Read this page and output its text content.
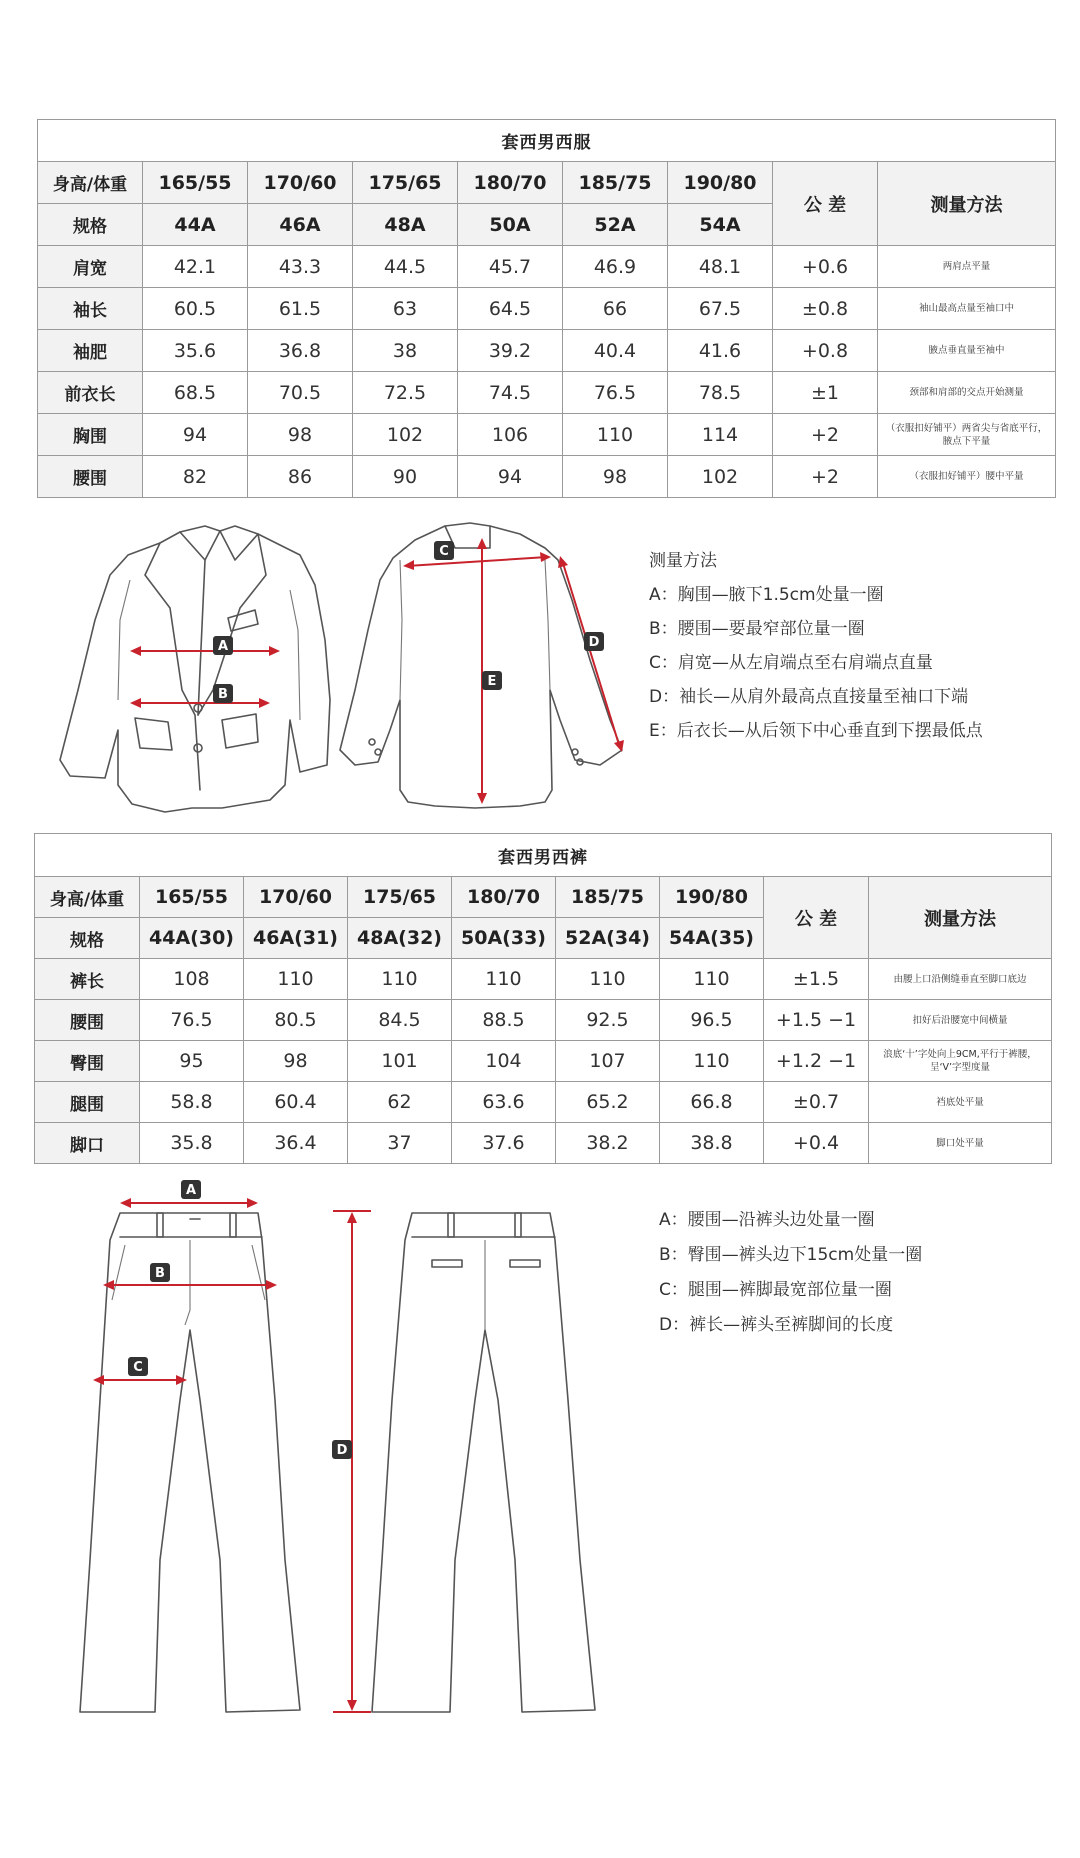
套西男西服								
身高/体重	165/55	170/60	175/65	180/70	185/75	190/80	公 差	测量方法
规格	44A	46A	48A	50A	52A	54A		
肩宽	42.1	43.3	44.5	45.7	46.9	48.1	+0.6	两肩点平量
袖长	60.5	61.5	63	64.5	66	67.5	±0.8	袖山最高点量至袖口中
袖肥	35.6	36.8	38	39.2	40.4	41.6	+0.8	腋点垂直量至袖中
前衣长	68.5	70.5	72.5	74.5	76.5	78.5	±1	颈部和肩部的交点开始测量
胸围	94	98	102	106	110	114	+2	（衣服扣好铺平）两省尖与省底平行，腋点下平量
腰围	82	86	90	94	98	102	+2	（衣服扣好铺平）腰中平量
测量方法
A：胸围—腋下1.5cm处量一圈
B：腰围—要最窄部位量一圈
C：肩宽—从左肩端点至右肩端点直量
D：袖长—从肩外最高点直接量至袖口下端
E：后衣长—从后领下中心垂直到下摆最低点
套西男西裤								
身高/体重	165/55	170/60	175/65	180/70	185/75	190/80	公 差	测量方法
规格	44A(30)	46A(31)	48A(32)	50A(33)	52A(34)	54A(35)		
裤长	108	110	110	110	110	110	±1.5	由腰上口沿侧缝垂直至脚口底边
腰围	76.5	80.5	84.5	88.5	92.5	96.5	+1.5 −1	扣好后沿腰宽中间横量
臀围	95	98	101	104	107	110	+1.2 −1	浪底‘十’字处向上9CM,平行于裤腰，呈‘V’字型度量
腿围	58.8	60.4	62	63.6	65.2	66.8	±0.7	裆底处平量
脚口	35.8	36.4	37	37.6	38.2	38.8	+0.4	脚口处平量
A：腰围—沿裤头边处量一圈
B：臀围—裤头边下15cm处量一圈
C：腿围—裤脚最宽部位量一圈
D：裤长—裤头至裤脚间的长度
A
B
C
E
D
A
B
C
D
